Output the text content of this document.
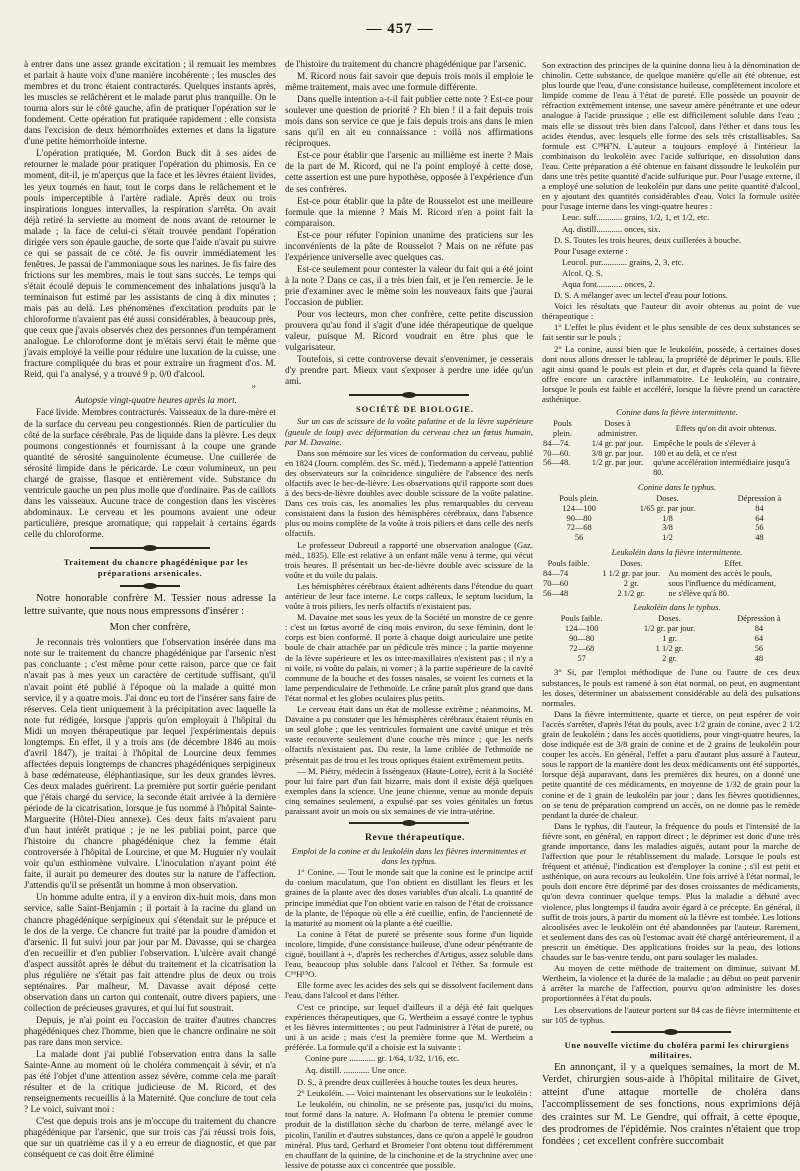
— 457 —

à entrer dans une assez grande excitation ; il remuait les membres et parlait à haute voix d'une manière incohérente ; les muscles des membres et du tronc étaient contracturés. Quelques instants après, les muscles se relâchèrent et le malade parut plus tranquille. On le tourna alors sur le côté gauche, afin de pratiquer l'opération sur le fondement. Cette opération fut pratiquée rapidement : elle consista dans l'excision de deux hémorrhoïdes externes et dans la ligature d'une petite hémorrhoïde interne.

L'opération pratiquée, M. Gordon Buck dit à ses aides de retourner le malade pour pratiquer l'opération du phimosis. En ce moment, dit-il, je m'aperçus que la face et les lèvres étaient livides, les yeux tournés en haut, tout le corps dans le relâchement et le pouls imperceptible à l'artère radiale. Après deux ou trois inspirations longues intervalles, la respiration s'arrêta. On avait déjà retiré la serviette au moment de nous avant de retourner le malade ; la face de celui-ci s'était trouvée pendant l'opération dirigée vers son épaule gauche, de sorte que l'aide n'avait pu suivre ce qui se passait de ce côté. Je fis ouvrir immédiatement les fenêtres. Je passai de l'ammoniaque sous les narines. Je fis faire des frictions sur les membres, mais le tout sans succès. Le temps qui s'était écoulé depuis le commencement des inhalations jusqu'à la terminaison fut estimé par les assistants de cinq à dix minutes ; mais pas au delà. Les phénomènes d'excitation produits par le chloroforme n'avaient pas été aussi considérables, à beaucoup près, que ceux que j'avais observés chez des personnes d'un tempérament analogue. Le chloroforme dont je m'étais servi était le même que j'avais employé la veille pour réduire une luxation de la cuisse, une fracture compliquée du bras et pour extraire un fragment d'os. M. Reid, qui l'a analysé, y a trouvé 9 p. 0/0 d'alcool.

»

Autopsie vingt-quatre heures après la mort.

Face livide. Membres contracturés. Vaisseaux de la dure-mère et de la surface du cerveau peu congestionnés. Rien de particulier du côté de la surface cérébrale. Pas de liquide dans la plèvre. Les deux poumons congestionnés et fournissant à la coupe une grande quantité de sérosité sanguinolente écumeuse. Une cuillerée de sérosité limpide dans le péricarde. Le cœur volumineux, un peu chargé de graisse, flasque et entièrement vide. Substance du ventricule gauche un peu plus molle que d'ordinaire. Pas de caillots dans les vaisseaux. Aucune trace de congestion dans les viscères abdominaux. Le cerveau et les poumons avaient une odeur particulière, presque aromatique, qui rappelait à certains égards celle du chloroforme.

Traitement du chancre phagédénique par les préparations arsenicales.

Notre honorable confrère M. Tessier nous adresse la lettre suivante, que nous nous empressons d'insérer :

Mon cher confrère,

Je reconnais très volontiers que l'observation insérée dans ma note sur le traitement du chancre phagédénique par l'arsenic n'est pas concluante ; c'est même pour cette raison, parce que ce fait n'avait pas à mes yeux un caractère de certitude suffisant, qu'il n'avait point été publié à l'époque où la malade a quitté mon service, il y a quatre mois. J'ai donc eu tort de l'insérer sans faire de réserves. Cela tient uniquement à la précipitation avec laquelle la note fut rédigée, lorsque j'appris qu'on employait à l'hôpital du Midi un moyen thérapeutique par lequel j'expérimentais depuis longtemps. En effet, il y a trois ans (de décembre 1846 au mois d'avril 1847), je traitai à l'hôpital de Lourcine deux femmes affectées depuis longtemps de chancres phagédéniques serpigineux à base œdémateuse, éléphantiasique, sur les deux grandes lèvres. Ces deux malades guérirent. La première put sortir guérie pendant que j'étais chargé du service, la seconde était arrivée à la dernière période de la cicatrisation, lorsque je fus nommé à l'hôpital Sainte-Marguerite (Hôtel-Dieu annexe). Ces deux faits m'avaient paru d'un haut intérêt pratique ; je ne les publiai point, parce que l'histoire du chancre phagédénique chez la femme était controversée à l'hôpital de Lourcine, et que M. Huguier n'y voulait voir qu'un esthiomène vulvaire. L'inoculation n'ayant point été faite, il aurait pu demeurer des doutes sur la nature de l'affection. J'attendis qu'il se présentât un homme à mon observation.

Un homme adulte entra, il y a environ dix-huit mois, dans mon service, salle Saint-Benjamin ; il portait à la racine du gland un chancre phagédénique serpigineux qui s'étendait sur le prépuce et le dos de la verge. Ce chancre fut traité par la poudre d'amidon et d'arsenic. Il fut suivi jour par jour par M. Davasse, qui se chargea d'en recueillir et d'en publier l'observation. L'ulcère avait changé d'aspect aussitôt après le début du traitement et la cicatrisation la plus régulière ne s'était pas fait attendre plus de deux ou trois septénaires. Par malheur, M. Davasse avait déposé cette observation dans un carton qui contenait, outre divers papiers, une collection de précieuses gravures, et qui lui fut soustrait.

Depuis, je n'ai point eu l'occasion de traiter d'autres chancres phagédéniques chez l'homme, bien que le chancre ordinaire ne soit pas rare dans mon service.

La malade dont j'ai publié l'observation entra dans la salle Sainte-Anne au moment où le choléra commençait à sévir, et n'a pas été l'objet d'une attention assez sévère, comme cela me paraît résulter et de la critique judicieuse de M. Ricord, et des renseignements recueillis à la Maternité. Que conclure de tout cela ? Le voici, suivant moi :

C'est que depuis trois ans je m'occupe du traitement du chancre phagédénique par l'arsenic, que sur trois cas j'ai réussi trois fois, que sur un quatrième cas il y a eu erreur de diagnostic, et que par conséquent ce cas doit être éliminé

de l'histoire du traitement du chancre phagédénique par l'arsenic.

M. Ricord nous fait savoir que depuis trois mois il emploie le même traitement, mais avec une formule différente.

Dans quelle intention a-t-il fait publier cette note ? Est-ce pour soulever une question de priorité ? Eh bien ! il a fait depuis trois mois dans son service ce que je fais depuis trois ans dans le mien sans qu'il en ait eu connaissance : voilà nos affirmations réciproques.

Est-ce pour établir que l'arsenic au millième est inerte ? Mais de la part de M. Ricord, qui ne l'a point employé à cette dose, cette assertion est une pure hypothèse, opposée à l'expérience d'un de ses confrères.

Est-ce pour établir que la pâte de Rousselot est une meilleure formule que la mienne ? Mais M. Ricord n'en a point fait la comparaison.

Est-ce pour réfuter l'opinion unanime des praticiens sur les inconvénients de la pâte de Rousselot ? Mais on ne réfute pas l'expérience universelle avec quelques cas.

Est-ce seulement pour contester la valeur du fait qui a été joint à la note ? Dans ce cas, il a très bien fait, et je l'en remercie. Je le prie d'examiner avec le même soin les nouveaux faits que j'aurai l'occasion de publier.

Pour vos lecteurs, mon cher confrère, cette petite discussion prouvera qu'au fond il s'agit d'une idée thérapeutique de quelque valeur, puisque M. Ricord voudrait en être plus que le vulgarisateur.

Toutefois, si cette controverse devait s'envenimer, je cesserais d'y prendre part. Mieux vaut s'exposer à perdre une idée qu'un ami.

SOCIÉTÉ DE BIOLOGIE.

Sur un cas de scissure de la voûte palatine et de la lèvre supérieure (gueule de loup) avec déformation du cerveau chez un fœtus humain, par M. Davaine.

Dans son mémoire sur les vices de conformation du cerveau, publié en 1824 (Journ. complém. des Sc. méd.), Tiedemann a appelé l'attention des observateurs sur la coïncidence singulière de l'absence des nerfs olfactifs avec le bec-de-lièvre. Les observations qu'il rapporte sont dues à des becs-de-lièvre doubles avec double scissure de la voûte palatine. Dans ces trois cas, les anomalies les plus remarquables du cerveau consistaient dans la fusion des hémisphères cérébraux, dans l'absence plus ou moins complète de la voûte à trois piliers et dans celle des nerfs olfactifs.

Le professeur Dubreuil a rapporté une observation analogue (Gaz. méd., 1835). Elle est relative à un enfant mâle venu à terme, qui vécut trois heures. Il présentait un bec-de-lièvre double avec scissure de la voûte et du voile du palais.

Les hémisphères cérébraux étaient adhérents dans l'étendue du quart antérieur de leur face interne. Le corps calleux, le septum lucidum, la voûte à trois piliers, les nerfs olfactifs n'existaient pas.

M. Davaine met sous les yeux de la Société un monstre de ce genre : c'est un fœtus avorté de cinq mois environ, du sexe féminin, dont le corps est bien conformé. Il porte à chaque doigt auriculaire une petite boule de chair attachée par un pédicule très mince ; la partie moyenne de la lèvre supérieure et les os inter-maxillaires n'existent pas ; il n'y a ni voile, ni voûte du palais, ni vomer ; à la partie supérieure de la cavité commune de la bouche et des fosses nasales, se voient les cornets et la lame perpendiculaire de l'ethmoïde. Le crâne paraît plus grand que dans l'état normal et les globes oculaires plus petits.

Le cerveau était dans un état de mollesse extrême ; néanmoins, M. Davaine a pu constater que les hémisphères cérébraux étaient réunis en un seul globe ; que les ventricules formaient une cavité unique et très vaste recouverte seulement d'une couche très mince ; que les nerfs olfactifs n'existaient pas. Du reste, la lame criblée de l'ethmoïde ne présentait pas de trou et les trous optiques étaient extrêmement petits.

— M. Piétry, médecin à Isséngeaux (Haute-Loire), écrit à la Société pour lui faire part d'un fait bizarre, mais dont il existe déjà quelques exemples dans la science. Une jeune chienne, venue au monde depuis cinq semaines seulement, a expulsé par ses voies génitales un fœtus paraissant avoir un mois ou six semaines de vie intra-utérine.

Revue thérapeutique.

Emploi de la conine et du leukoléin dans les fièvres intermittentes et dans les typhus.

1° Conine. — Tout le monde sait que la conine est le principe actif du conium maculatum, que l'on obtient en distillant les fleurs et les graines de la plante avec des doses variables d'un alcali. La quantité de principe immédiat que l'on obtient varie en raison de l'état de croissance de la plante, de l'époque où elle a été cueillie, enfin, de l'ancienneté de la maturité au moment où la plante a été cueillie.

La conine à l'état de pureté se présente sous forme d'un liquide incolore, limpide, d'une consistance huileuse, d'une odeur pénétrante de ciguë, bouillant à +, d'après les recherches d'Artigus, assez soluble dans l'eau, beaucoup plus soluble dans l'alcool et l'éther. Sa formule est C¹⁶H¹⁵O.

Elle forme avec les acides des sels qui se dissolvent facilement dans l'eau, dans l'alcool et dans l'éther.

C'est ce principe, sur lequel d'ailleurs il a déjà été fait quelques expériences thérapeutiques, que G. Wertheim a essayé contre le typhus et les fièvres intermittentes ; ou peut l'administrer à l'état de pureté, ou uni à un acide ; mais c'est la première forme que M. Wertheim a préférée. La formule qu'il a choisie est la suivante :

Conine pure ............ gr. 1/64, 1/32, 1/16, etc.

Aq. distill. ............ Une once.

D. S., à prendre deux cuillerées à bouche toutes les deux heures.

2° Leukoléin. — Voici maintenant les observations sur le leukoléin :

Le leukoléin, ou chinolin, ne se présente pas, jusqu'ici du moins, tout formé dans la nature. A. Hofmann l'a obtenu le premier comme produit de la distillation sèche du charbon de terre, mélangé avec le picolin, l'anilin et d'autres substances, dans ce qu'on a appelé le goudron minéral. Plus tard, Gerhard et Bromeier l'ont obtenu tout différemment en chauffant de la quinine, de la cinchonine et de la strychnine avec une lessive de potasse aux ci concentrée que possible.

Son extraction des principes de la quinine donna lieu à la dénomination de chinolin. Cette substance, de quelque manière qu'elle ait été obtenue, est plus lourde que l'eau, d'une consistance huileuse, complètement incolore et limpide comme de l'eau à l'état de pureté. Elle possède un pouvoir de réfraction extrêmement intense, une saveur amère pénétrante et une odeur analogue à l'acide prussique ; elle est difficilement soluble dans l'eau ; mais elle se dissout très bien dans l'alcool, dans l'éther et dans tous les acides étendus, avec lesquels elle forme des sels très cristallisables. Sa formule est C¹⁸H⁷N. L'auteur a toujours employé à l'intérieur la combinaison du leukoléin avec l'acide sulfurique, en dissolution dans l'eau. Cette préparation a été obtenue en faisant dissoudre le leukoléin pur dans une très petite quantité d'acide sulfurique pur. Pour l'usage externe, il a employé une solution de leukoléin pur dans une petite quantité d'alcool, en y ajoutant des quantités considérables d'eau. Voici la formule usitée pour l'usage interne dans les vingt-quatre heures :

Leuc. sulf............ grains, 1/2, 1, et 1/2, etc.

Aq. distill............ onces, six.

D. S. Toutes les trois heures, deux cuillerées à bouche.

Pour l'usage externe :

Leucol. pur............ grains, 2, 3, etc.

Alcol. Q. S.

Aqua font............ onces, 2.

D. S. A mélanger avec un lectel d'eau pour lotions.

Voici les résultats que l'auteur dit avoir obtenus au point de vue thérapeutique :

1° L'effet le plus évident et le plus sensible de ces deux substances se fait sentir sur le pouls ;

2° La conine, aussi bien que le leukoléin, possède, à certaines doses dont nous allons dresser le tableau, la propriété de déprimer le pouls. Elle agit ainsi quand le pouls est plein et dur, et d'après cela quand la fièvre offre encore un caractère inflammatoire. Le leukoléin, au contraire, lorsque le pouls est faible et accéléré, lorsque la fièvre prend un caractère asthénique.

Conine dans la fièvre intermittente.

Pouls plein.	Doses à administrer.	Effets qu'on dit avoir obtenus.
84—74.	1/4 gr. par jour.	Empêche le pouls de s'élever à
70—60.	3/8 gr. par jour.	100 et au delà, et ce n'est
56—48.	1/2 gr. par jour.	qu'une accélération intermédiaire jusqu'à 80.

Conine dans le typhus.

Pouls plein.	Doses.	Dépression à
124—100	1/65 gr. par jour.	84
90—80	1/8	64
72—68	3/8	56
56	1/2	48

Leukoléin dans la fièvre intermittente.

Pouls faible.	Doses.	Effet.
84—74	1 1/2 gr. par jour.	Au moment des accès le pouls,
70—60	2 gr.	sous l'influence du médicament,
56—48	2 1/2 gr.	ne s'élève qu'à 80.

Leukoléin dans le typhus.

Pouls faible.	Doses.	Dépression à
124—100	1/2 gr. par jour.	84
90—80	1 gr.	64
72—68	1 1/2 gr.	56
57	2 gr.	48

3° Si, par l'emploi méthodique de l'une ou l'autre de ces deux substances, le pouls est ramené à son état normal, on peut, en augmentant les doses, déterminer un abaissement considérable au delà des pulsations normales.

Dans la fièvre intermittente, quarte et tierce, on peut espérer de voir l'accès s'arrêter, d'après l'état du pouls, avec 1/2 grain de conine, avec 2 1/2 grain de leukoléin ; dans les accès quotidiens, pour vingt-quatre heures, la dose indiquée est de 3/8 grain de conine et de 2 grains de leukoléin pour couper les accès. En général, l'effet a paru d'autant plus assuré à l'auteur, sous le rapport de la manière dont les deux médicaments ont été supportés, lorsque déjà auparavant, dans les premières dix heures, on a donné une petite quantité de ces médicaments, en moyenne de 1/32 de grain pour la conine et de 1 grain de leukoléin par jour ; dans les fièvres quotidiennes, on se tenu de préparation comprend un accès, on ne donne pas le remède pendant la durée de chaleur.

Dans le typhus, dit l'auteur, la fréquence du pouls et l'intensité de la fièvre sont, en général, en rapport direct ; le déprimer est donc d'une très grande importance, dans les maladies aiguës, autant pour la marche de l'affection que pour le rétablissement du malade. Lorsque le pouls est fréquent et atténué, l'indication est d'employer la conine ; s'il est petit et asthénique, on aura recours au leukoléin. Une fois arrivé à l'état normal, le pouls doit encore être déprimé par des doses croissantes de médicaments, qu'on devra continuer quelque temps. Plus la maladie a débuté avec violence, plus longtemps il faudra avoir égard à ce précepte. En général, il suffit de trois jours, à partir du moment où la fièvre est tombée. Les lotions alcoolisées avec le leukoléin ont été abandonnées par l'auteur. Rarement, et seulement dans des cas où l'estomac avait été chargé antérieurement, il a prescrit un émétique. Des applications froides sur la peau, des lotions chaudes sur le bas-ventre tendu, ont paru soulager les malades.

Au moyen de cette méthode de traitement on diminue, suivant M. Wertheim, la violence et la durée de la maladie ; au début on peut parvenir à arrêter la marche de l'affection, pourvu qu'on administre les doses proportionnées à l'état du pouls.

Les observations de l'auteur portent sur 84 cas de fièvre intermittente et sur 105 de typhus.

Une nouvelle victime du choléra parmi les chirurgiens militaires.

En annonçant, il y a quelques semaines, la mort de M. Verdet, chirurgien sous-aide à l'hôpital militaire de Givet, atteint d'une attaque mortelle de choléra dans l'accomplissement de ses fonctions, nous exprimions déjà des craintes sur M. Le Gendre, qui offrait, à cette époque, des prodromes de l'épidémie. Nos craintes n'étaient que trop fondées ; cet excellent confrère succombait
